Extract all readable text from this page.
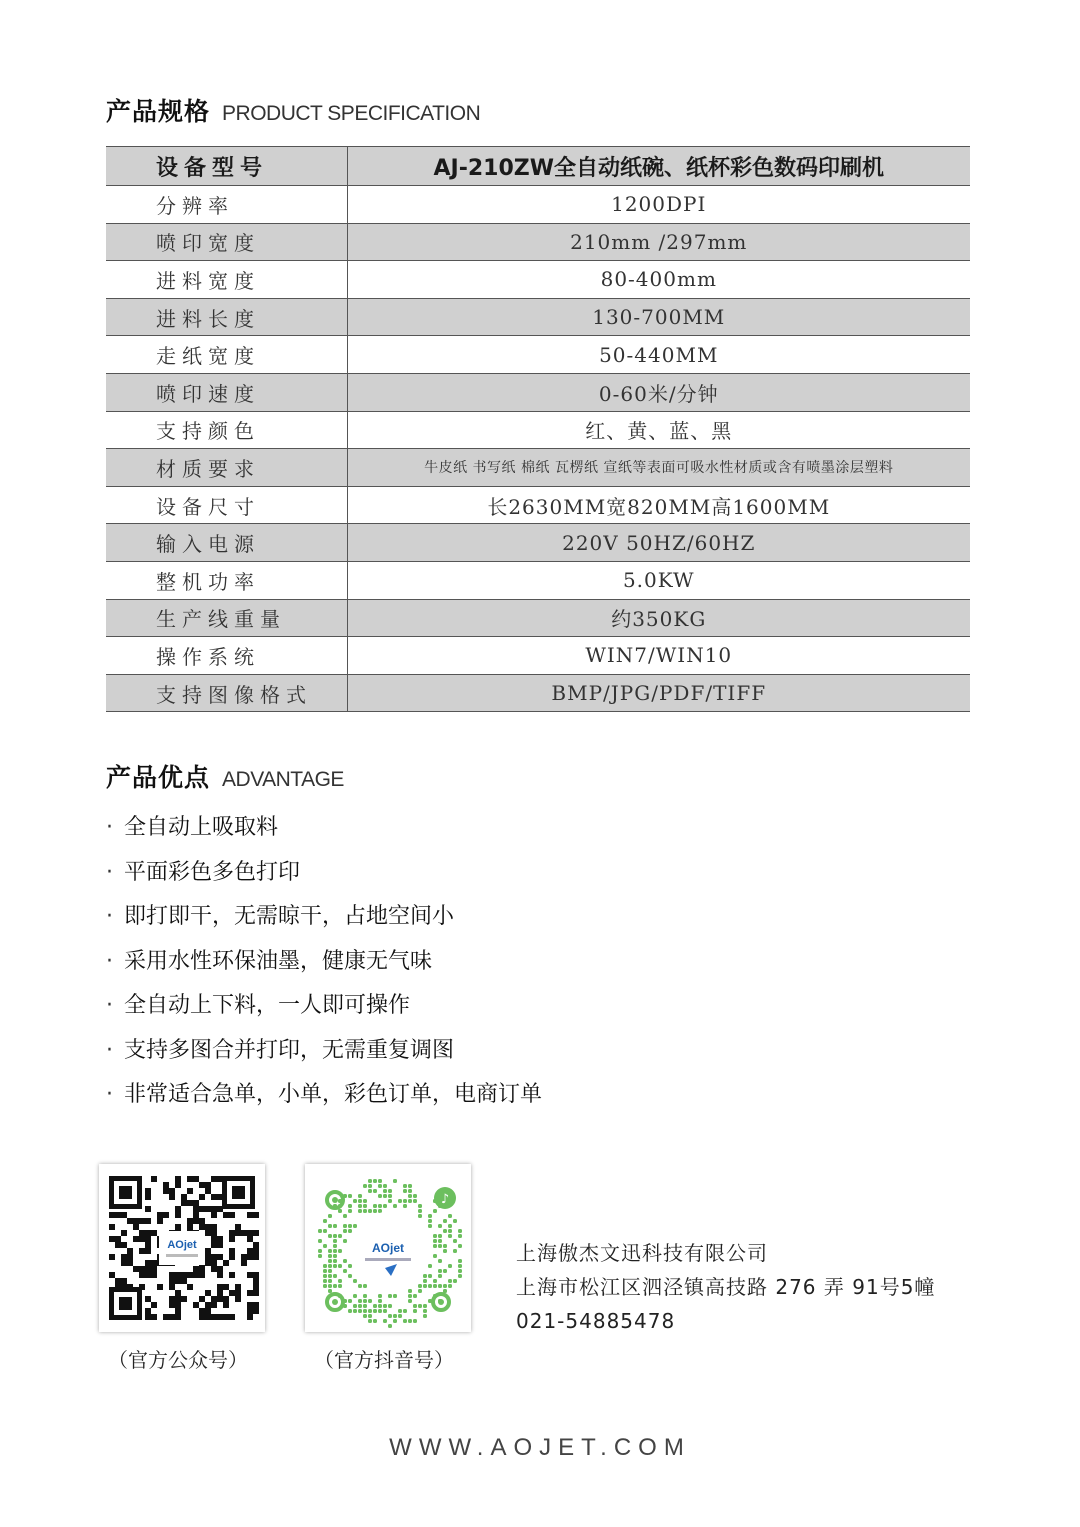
产品规格 PRODUCT SPECIFICATION
设备型号	AJ-210ZW全自动纸碗、纸杯彩色数码印刷机
分辨率	1200DPI
喷印宽度	210mm /297mm
进料宽度	80-400mm
进料长度	130-700MM
走纸宽度	50-440MM
喷印速度	0-60米/分钟
支持颜色	红、黄、蓝、黑
材质要求	牛皮纸 书写纸 棉纸 瓦楞纸 宣纸等表面可吸水性材质或含有喷墨涂层塑料
设备尺寸	长2630MM宽820MM高1600MM
输入电源	220V 50HZ/60HZ
整机功率	5.0KW
生产线重量	约350KG
操作系统	WIN7/WIN10
支持图像格式	BMP/JPG/PDF/TIFF
产品优点 ADVANTAGE
· 全自动上吸取料
· 平面彩色多色打印
· 即打即干，无需晾干，占地空间小
· 采用水性环保油墨，健康无气味
· 全自动上下料，一人即可操作
· 支持多图合并打印，无需重复调图
· 非常适合急单，小单，彩色订单，电商订单
AOjet
♪
AOjet
（官方公众号）	（官方抖音号）
上海傲杰文迅科技有限公司
上海市松江区泗泾镇高技路 276 弄 91号5幢
021-54885478
WWW.AOJET.COM
